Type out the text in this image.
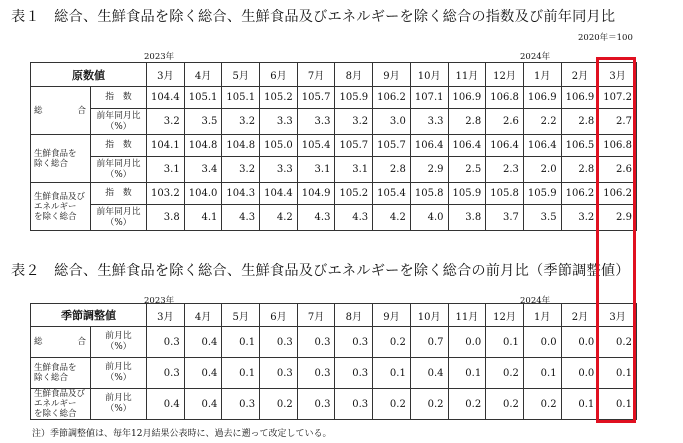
表１　総合、生鮮食品を除く総合、生鮮食品及びエネルギーを除く総合の指数及び前年同月比
2020年＝100
2023年	2024年
原数値		3月	4月	5月	6月	7月	8月	9月	10月	11月	12月	1月	2月	3月
総　　　　合	指　数	104.4	105.1	105.1	105.2	105.7	105.9	106.2	107.1	106.9	106.8	106.9	106.9	107.2
	前年同月比
（%）	3.2	3.5	3.2	3.3	3.3	3.2	3.0	3.3	2.8	2.6	2.2	2.8	2.7
生鮮食品を
除く総合	指　数	104.1	104.8	104.8	105.0	105.4	105.7	105.7	106.4	106.4	106.4	106.4	106.5	106.8
	前年同月比
（%）	3.1	3.4	3.2	3.3	3.1	3.1	2.8	2.9	2.5	2.3	2.0	2.8	2.6
生鮮食品及び
エネルギー
を除く総合	指　数	103.2	104.0	104.3	104.4	104.9	105.2	105.4	105.8	105.9	105.8	105.9	106.2	106.2
	前年同月比
（%）	3.8	4.1	4.3	4.2	4.3	4.3	4.2	4.0	3.8	3.7	3.5	3.2	2.9
表２　総合、生鮮食品を除く総合、生鮮食品及びエネルギーを除く総合の前月比（季節調整値）
2023年	2024年
季節調整値		3月	4月	5月	6月	7月	8月	9月	10月	11月	12月	1月	2月	3月
総　　　　合	前月比
（%）	0.3	0.4	0.1	0.3	0.3	0.3	0.2	0.7	0.0	0.1	0.0	0.0	0.2
生鮮食品を
除く総合	前月比
（%）	0.3	0.4	0.1	0.3	0.3	0.3	0.1	0.4	0.1	0.2	0.1	0.0	0.1
生鮮食品及び
エネルギー
を除く総合	前月比
（%）	0.4	0.4	0.3	0.2	0.3	0.3	0.2	0.2	0.2	0.2	0.2	0.1	0.1
注）季節調整値は、毎年12月結果公表時に、過去に遡って改定している。
